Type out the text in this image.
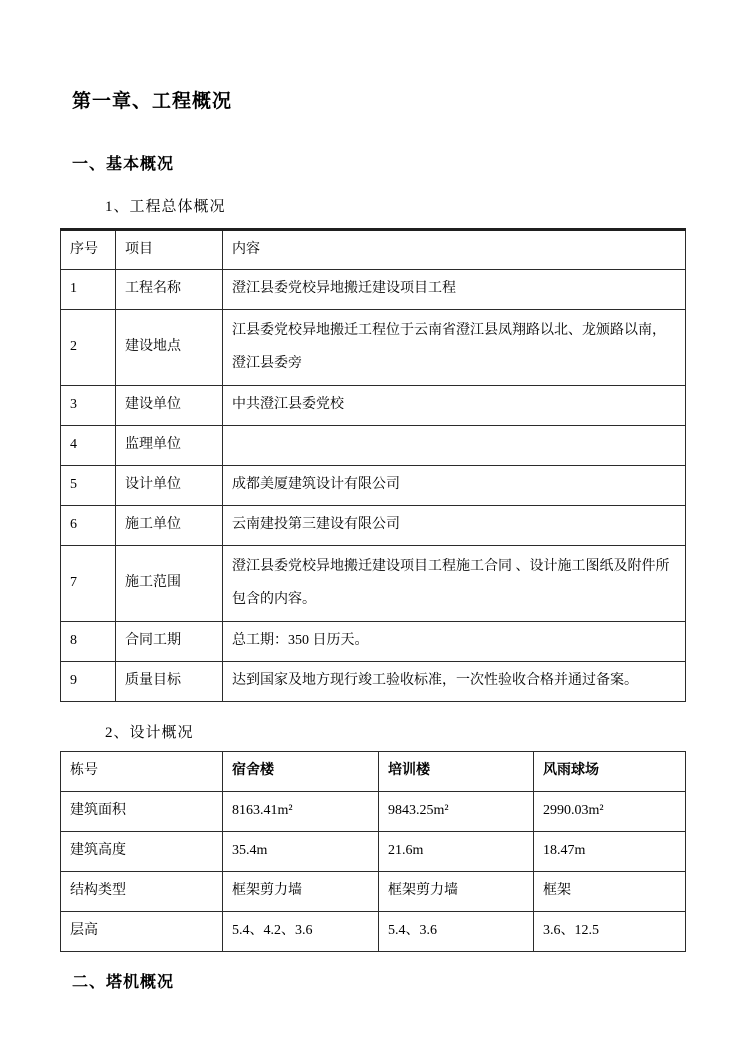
第一章、工程概况
一、基本概况
1、工程总体概况
序号	项目	内容
1	工程名称	澄江县委党校异地搬迁建设项目工程
2	建设地点	江县委党校异地搬迁工程位于云南省澄江县凤翔路以北、龙颁路以南，澄江县委旁
3	建设单位	中共澄江县委党校
4	监理单位	
5	设计单位	成都美厦建筑设计有限公司
6	施工单位	云南建投第三建设有限公司
7	施工范围	澄江县委党校异地搬迁建设项目工程施工合同 、设计施工图纸及附件所包含的内容。
8	合同工期	总工期：350 日历天。
9	质量目标	达到国家及地方现行竣工验收标准，一次性验收合格并通过备案。
2、设计概况
栋号	宿舍楼	培训楼	风雨球场
建筑面积	8163.41m²	9843.25m²	2990.03m²
建筑高度	35.4m	21.6m	18.47m
结构类型	框架剪力墙	框架剪力墙	框架
层高	5.4、4.2、3.6	5.4、3.6	3.6、12.5
二、塔机概况
